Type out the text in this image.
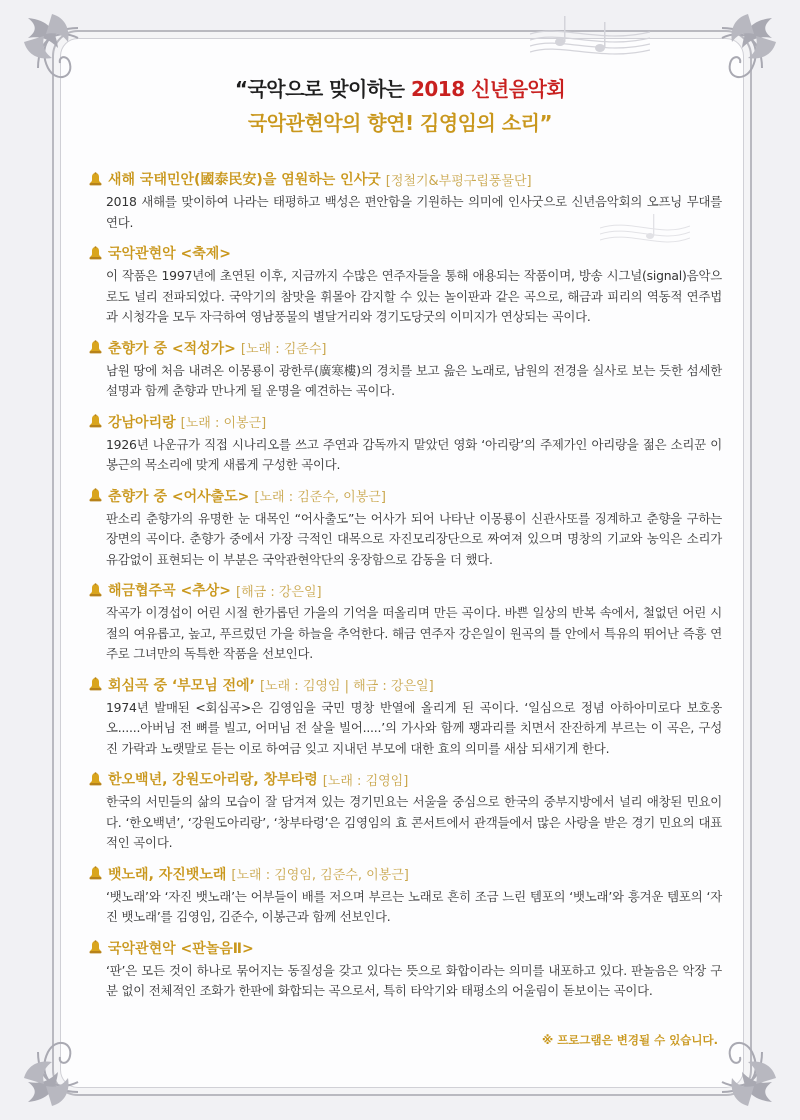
“국악으로 맞이하는 2018 신년음악회
국악관현악의 향연! 김영임의 소리”
새해 국태민안(國泰民安)을 염원하는 인사굿 [정철기&부평구립풍물단]
2018 새해를 맞이하여 나라는 태평하고 백성은 편안함을 기원하는 의미에 인사굿으로 신년음악회의 오프닝 무대를 연다.
국악관현악 <축제>
이 작품은 1997년에 초연된 이후, 지금까지 수많은 연주자들을 통해 애용되는 작품이며, 방송 시그널(signal)음악으로도 널리 전파되었다. 국악기의 참맛을 휘몰아 감지할 수 있는 놀이판과 같은 곡으로, 해금과 피리의 역동적 연주법과 시청각을 모두 자극하여 영남풍물의 별달거리와 경기도당굿의 이미지가 연상되는 곡이다.
춘향가 중 <적성가> [노래 : 김준수]
남원 땅에 처음 내려온 이몽룡이 광한루(廣寒樓)의 경치를 보고 읊은 노래로, 남원의 전경을 실사로 보는 듯한 섬세한 설명과 함께 춘향과 만나게 될 운명을 예견하는 곡이다.
강남아리랑 [노래 : 이봉근]
1926년 나운규가 직접 시나리오를 쓰고 주연과 감독까지 맡았던 영화 ‘아리랑’의 주제가인 아리랑을 젊은 소리꾼 이봉근의 목소리에 맞게 새롭게 구성한 곡이다.
춘향가 중 <어사출도> [노래 : 김준수, 이봉근]
판소리 춘향가의 유명한 눈 대목인 “어사출도”는 어사가 되어 나타난 이몽룡이 신관사또를 징계하고 춘향을 구하는 장면의 곡이다. 춘향가 중에서 가장 극적인 대목으로 자진모리장단으로 짜여져 있으며 명창의 기교와 농익은 소리가 유감없이 표현되는 이 부분은 국악관현악단의 웅장함으로 감동을 더 했다.
해금협주곡 <추상> [해금 : 강은일]
작곡가 이경섭이 어린 시절 한가롭던 가을의 기억을 떠올리며 만든 곡이다. 바쁜 일상의 반복 속에서, 철없던 어린 시절의 여유롭고, 높고, 푸르렀던 가을 하늘을 추억한다. 해금 연주자 강은일이 원곡의 틀 안에서 특유의 뛰어난 즉흥 연주로 그녀만의 독특한 작품을 선보인다.
회심곡 중 ‘부모님 전에’ [노래 : 김영임 | 해금 : 강은일]
1974년 발매된 <회심곡>은 김영임을 국민 명창 반열에 올리게 된 곡이다. ‘일심으로 정념 아하아미로다 보호옹오......아버님 전 뼈를 빌고, 어머님 전 살을 빌어.....’의 가사와 함께 꽹과리를 치면서 잔잔하게 부르는 이 곡은, 구성진 가락과 노랫말로 듣는 이로 하여금 잊고 지내던 부모에 대한 효의 의미를 새삼 되새기게 한다.
한오백년, 강원도아리랑, 창부타령 [노래 : 김영임]
한국의 서민들의 삶의 모습이 잘 담겨져 있는 경기민요는 서울을 중심으로 한국의 중부지방에서 널리 애창된 민요이다. ‘한오백년’, ‘강원도아리랑’, ‘창부타령’은 김영임의 효 콘서트에서 관객들에서 많은 사랑을 받은 경기 민요의 대표적인 곡이다.
뱃노래, 자진뱃노래 [노래 : 김영임, 김준수, 이봉근]
‘뱃노래’와 ‘자진 뱃노래’는 어부들이 배를 저으며 부르는 노래로 흔히 조금 느린 템포의 ‘뱃노래’와 흥겨운 템포의 ‘자진 뱃노래’를 김영임, 김준수, 이봉근과 함께 선보인다.
국악관현악 <판놀음Ⅱ>
‘판’은 모든 것이 하나로 묶어지는 동질성을 갖고 있다는 뜻으로 화합이라는 의미를 내포하고 있다. 판놀음은 악장 구분 없이 전체적인 조화가 한판에 화합되는 곡으로서, 특히 타악기와 태평소의 어울림이 돋보이는 곡이다.
※ 프로그램은 변경될 수 있습니다.
